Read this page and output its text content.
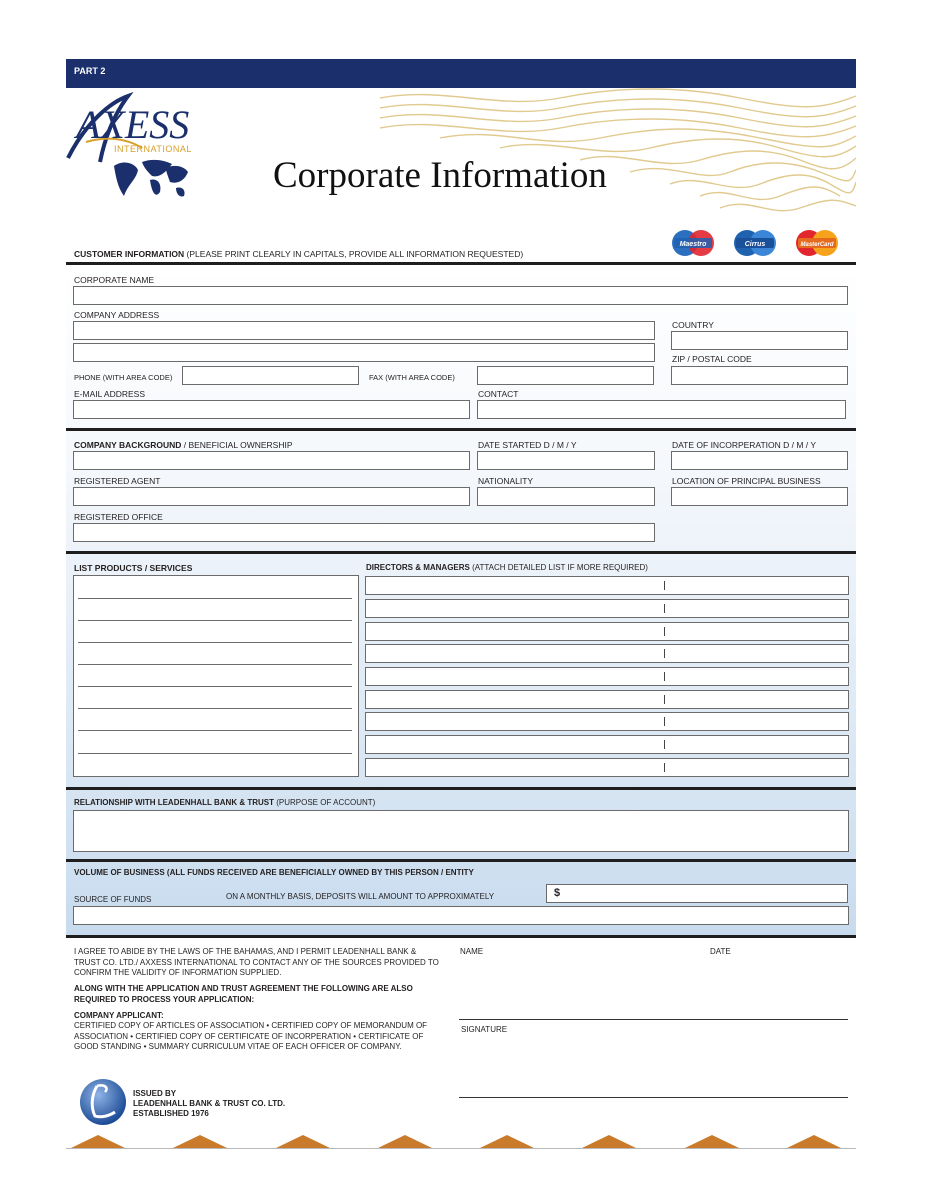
PART 2
AXESS
INTERNATIONAL
Corporate Information
Maestro	Cirrus	MasterCard
CUSTOMER INFORMATION (PLEASE PRINT CLEARLY IN CAPITALS, PROVIDE ALL INFORMATION REQUESTED)
CORPORATE NAME
COMPANY ADDRESS
COUNTRY
ZIP / POSTAL CODE
PHONE (WITH AREA CODE)	FAX (WITH AREA CODE)
E-MAIL ADDRESS	CONTACT
COMPANY BACKGROUND / BENEFICIAL OWNERSHIP	DATE STARTED D / M / Y	DATE OF INCORPERATION D / M / Y
REGISTERED AGENT	NATIONALITY	LOCATION OF PRINCIPAL BUSINESS
REGISTERED OFFICE
LIST PRODUCTS / SERVICES	DIRECTORS & MANAGERS (ATTACH DETAILED LIST IF MORE REQUIRED)
RELATIONSHIP WITH LEADENHALL BANK & TRUST (PURPOSE OF ACCOUNT)
VOLUME OF BUSINESS (ALL FUNDS RECEIVED ARE BENEFICIALLY OWNED BY THIS PERSON / ENTITY
SOURCE OF FUNDS	ON A MONTHLY BASIS, DEPOSITS WILL AMOUNT TO APPROXIMATELY	$
I AGREE TO ABIDE BY THE LAWS OF THE BAHAMAS, AND I PERMIT LEADENHALL BANK & TRUST CO. LTD./ AXXESS INTERNATIONAL TO CONTACT ANY OF THE SOURCES PROVIDED TO CONFIRM THE VALIDITY OF INFORMATION SUPPLIED.
ALONG WITH THE APPLICATION AND TRUST AGREEMENT THE FOLLOWING ARE ALSO REQUIRED TO PROCESS YOUR APPLICATION:
COMPANY APPLICANT:
CERTIFIED COPY OF ARTICLES OF ASSOCIATION • CERTIFIED COPY OF MEMORANDUM OF ASSOCIATION • CERTIFIED COPY OF CERTIFICATE OF INCORPERATION • CERTIFICATE OF GOOD STANDING • SUMMARY CURRICULUM VITAE OF EACH OFFICER OF COMPANY.
NAME	DATE
SIGNATURE
ISSUED BY
LEADENHALL BANK & TRUST CO. LTD.
ESTABLISHED 1976
